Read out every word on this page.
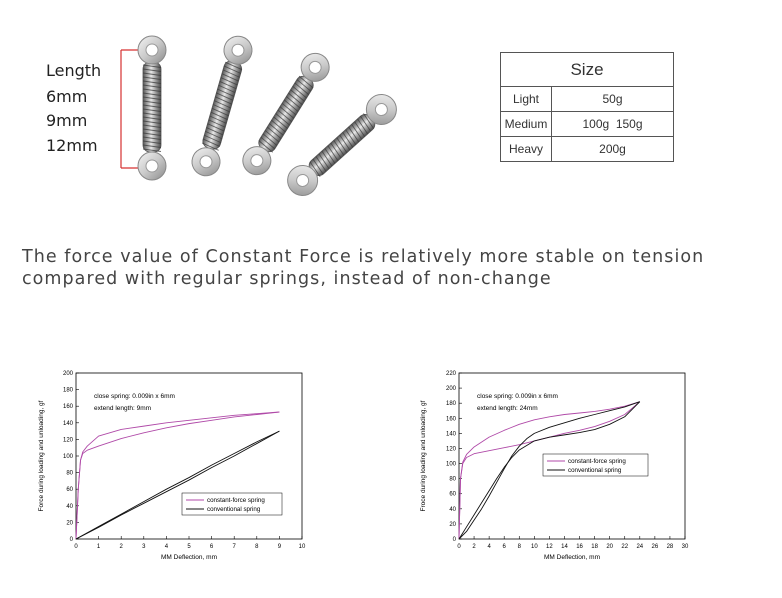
Length
6mm
9mm
12mm
Size	
Light	50g
Medium	100g  150g
Heavy	200g
The force value of Constant Force is relatively more stable on tension
compared with regular springs, instead of non-change
0	1	2	3	4	5	6	7	8	9	10
0
20
40
60
80
100
120
140
160
180
200
MM Deflection, mm
Force during loading and unloading, gf
close spring: 0.009in x 6mm
extend length: 9mm
constant-force spring
conventional spring
0 2 4 6 8 10 12 14 16 18 20 22 24 26 28 30
0
20
40
60
80
100
120
140
160
180
200
220
MM Deflection, mm
Froce during loading and unloading, gf
close spring: 0.009in x 6mm
extend length: 24mm
constant-force spring
conventional spring
